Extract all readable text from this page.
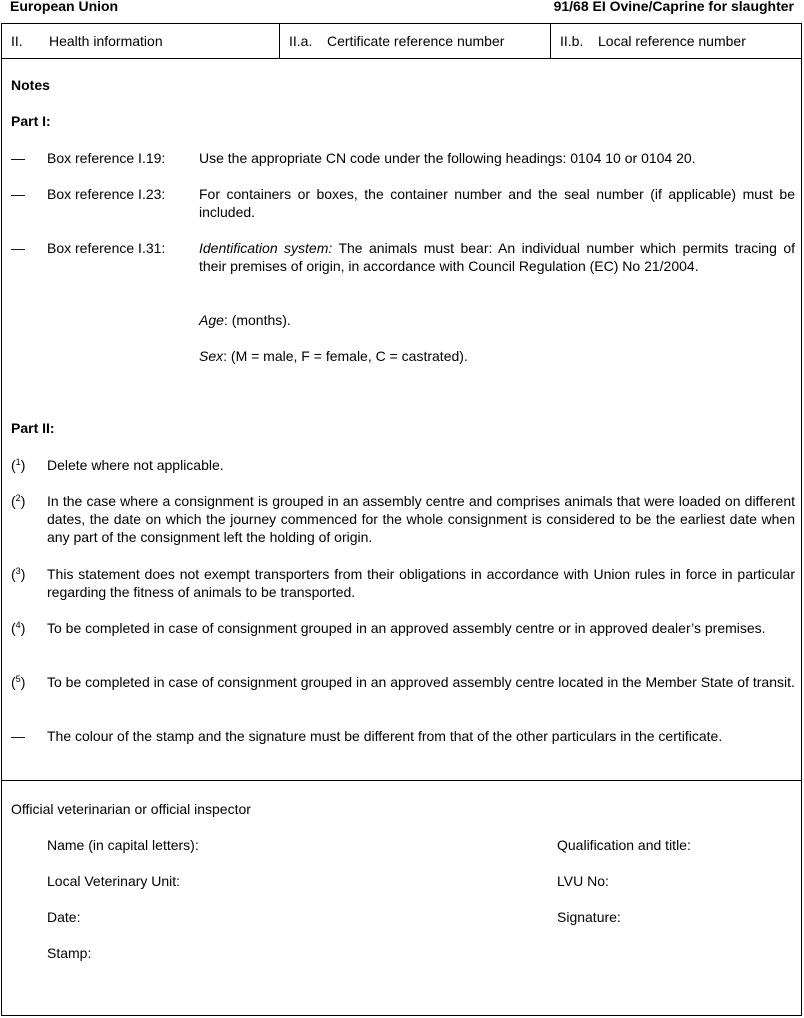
European Union	91/68 EI Ovine/Caprine for slaughter
II. Health information	II.a. Certificate reference number	II.b. Local reference number
Notes
Part I:
— Box reference I.19: Use the appropriate CN code under the following headings: 0104 10 or 0104 20.
— Box reference I.23: For containers or boxes, the container number and the seal number (if applicable) must be included.
— Box reference I.31: Identification system: The animals must bear: An individual number which permits tracing of their premises of origin, in accordance with Council Regulation (EC) No 21/2004.
Age: (months).
Sex: (M = male, F = female, C = castrated).
Part II:
($^1$) Delete where not applicable.
($^2$) In the case where a consignment is grouped in an assembly centre and comprises animals that were loaded on different dates, the date on which the journey commenced for the whole consignment is considered to be the earliest date when any part of the consignment left the holding of origin.
($^3$) This statement does not exempt transporters from their obligations in accordance with Union rules in force in particular regarding the fitness of animals to be transported.
($^4$) To be completed in case of consignment grouped in an approved assembly centre or in approved dealer’s premises.
($^5$) To be completed in case of consignment grouped in an approved assembly centre located in the Member State of transit.
— The colour of the stamp and the signature must be different from that of the other particulars in the certificate.
Official veterinarian or official inspector
Name (in capital letters):	Qualification and title:
Local Veterinary Unit:	LVU No:
Date:	Signature:
Stamp:
